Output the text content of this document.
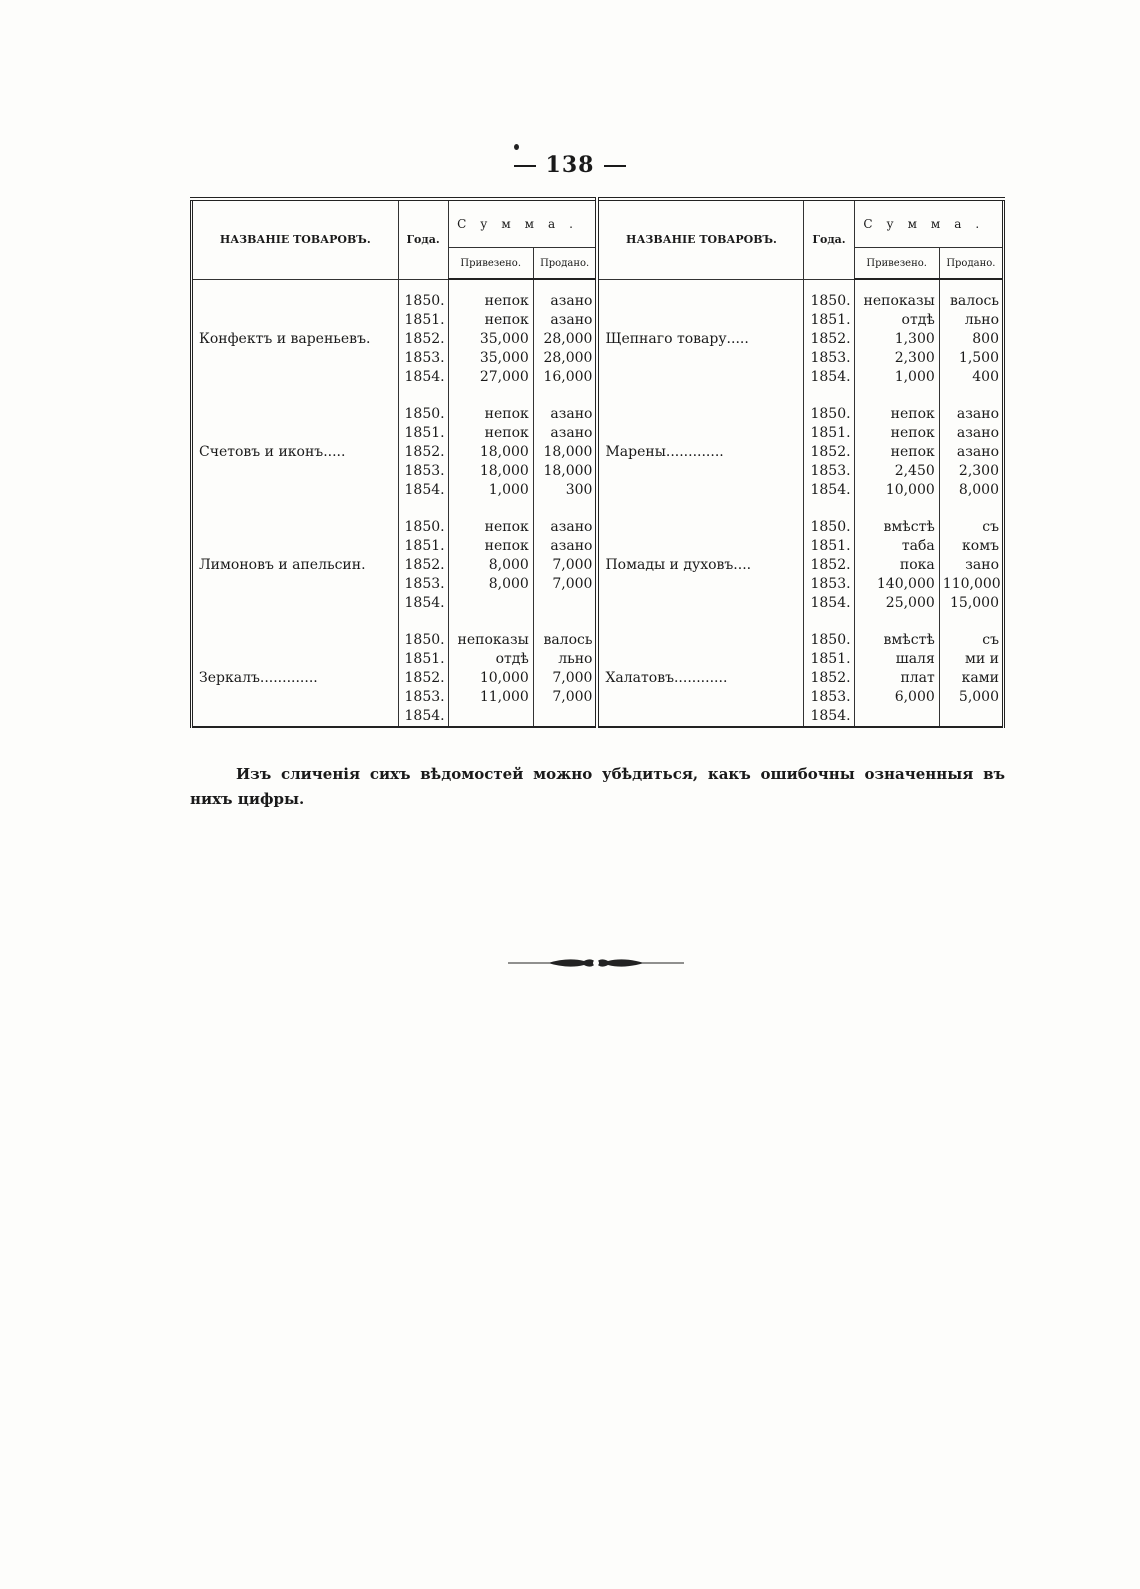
138
НАЗВАНІЕ ТОВАРОВЪ.	Года.	Сумма.		НАЗВАНІЕ ТОВАРОВЪ.	Года.	Сумма.	
		Привезено.	Продано.			Привезено.	Продано.

	1850.	непок	азано		1850.	непоказы	валось
	1851.	непок	азано		1851.	отдѣ	льно
Конфектъ и вареньевъ.	1852.	35,000	28,000	Щепнаго товару.....	1852.	1,300	800
	1853.	35,000	28,000		1853.	2,300	1,500
	1854.	27,000	16,000		1854.	1,000	400

	1850.	непок	азано		1850.	непок	азано
	1851.	непок	азано		1851.	непок	азано
Счетовъ и иконъ.....	1852.	18,000	18,000	Марены.............	1852.	непок	азано
	1853.	18,000	18,000		1853.	2,450	2,300
	1854.	1,000	300		1854.	10,000	8,000

	1850.	непок	азано		1850.	вмѣстѣ	съ
	1851.	непок	азано		1851.	таба	комъ
Лимоновъ и апельсин.	1852.	8,000	7,000	Помады и духовъ....	1852.	пока	зано
	1853.	8,000	7,000		1853.	140,000	110,000
	1854.				1854.	25,000	15,000

	1850.	непоказы	валось		1850.	вмѣстѣ	съ
	1851.	отдѣ	льно		1851.	шаля	ми и
Зеркалъ.............	1852.	10,000	7,000	Халатовъ............	1852.	плат	ками
	1853.	11,000	7,000		1853.	6,000	5,000
	1854.				1854.		
Изъ сличенія сихъ вѣдомостей можно убѣдиться, какъ ошибочны означенныя въ нихъ цифры.
